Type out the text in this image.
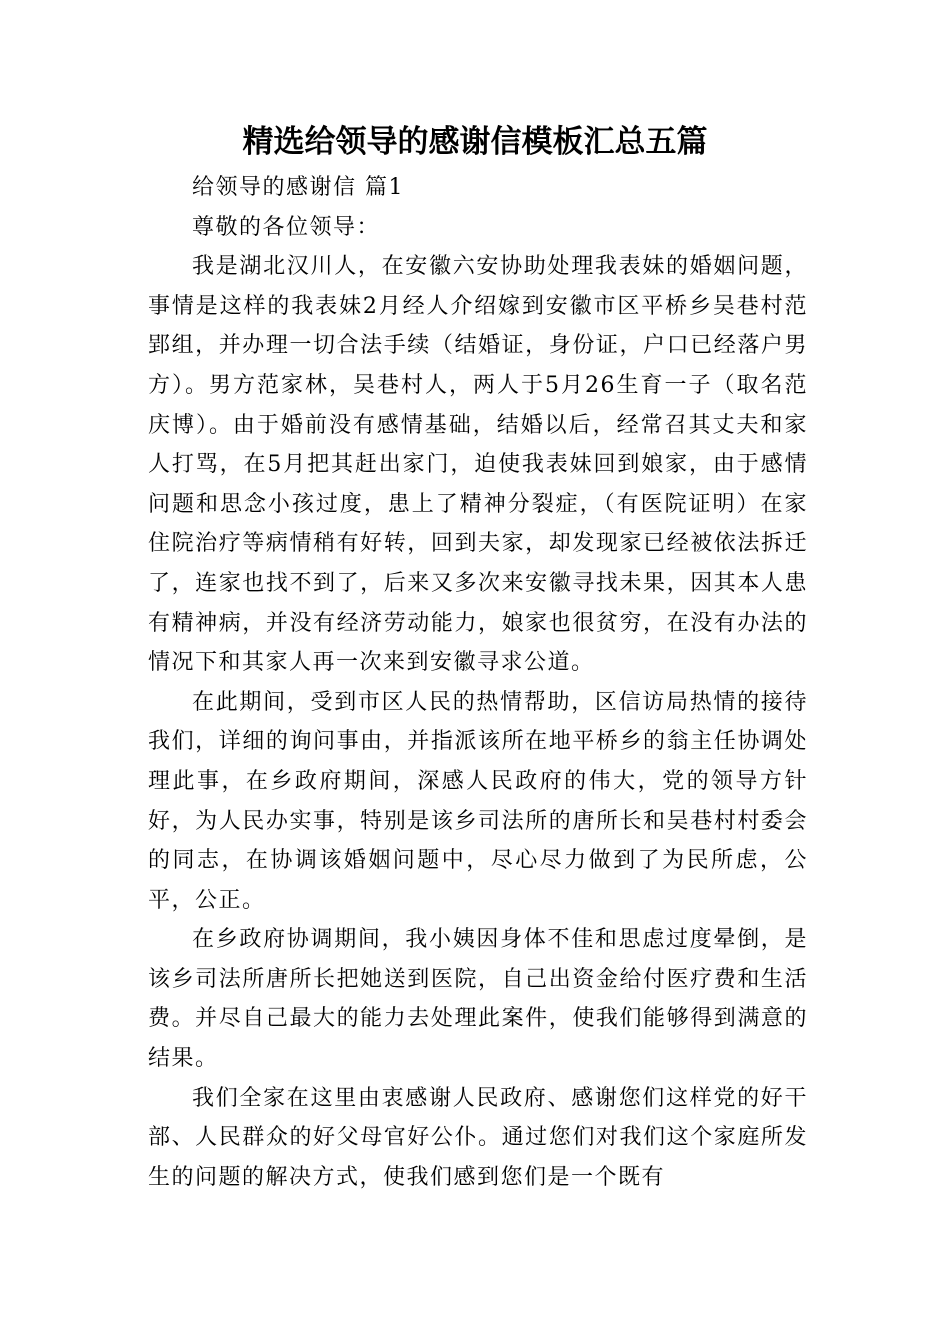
精选给领导的感谢信模板汇总五篇

给领导的感谢信 篇1

尊敬的各位领导：

我是湖北汉川人，在安徽六安协助处理我表妹的婚姻问题，事情是这样的我表妹2月经人介绍嫁到安徽市区平桥乡吴巷村范郢组，并办理一切合法手续（结婚证，身份证，户口已经落户男方）。男方范家林，吴巷村人，两人于5月26生育一子（取名范庆博）。由于婚前没有感情基础，结婚以后，经常召其丈夫和家人打骂，在5月把其赶出家门，迫使我表妹回到娘家，由于感情问题和思念小孩过度，患上了精神分裂症，（有医院证明）在家住院治疗等病情稍有好转，回到夫家，却发现家已经被依法拆迁了，连家也找不到了，后来又多次来安徽寻找未果，因其本人患有精神病，并没有经济劳动能力，娘家也很贫穷，在没有办法的情况下和其家人再一次来到安徽寻求公道。

在此期间，受到市区人民的热情帮助，区信访局热情的接待我们，详细的询问事由，并指派该所在地平桥乡的翁主任协调处理此事，在乡政府期间，深感人民政府的伟大，党的领导方针好，为人民办实事，特别是该乡司法所的唐所长和吴巷村村委会的同志，在协调该婚姻问题中，尽心尽力做到了为民所虑，公平，公正。

在乡政府协调期间，我小姨因身体不佳和思虑过度晕倒，是该乡司法所唐所长把她送到医院，自己出资金给付医疗费和生活费。并尽自己最大的能力去处理此案件，使我们能够得到满意的结果。

我们全家在这里由衷感谢人民政府、感谢您们这样党的好干部、人民群众的好父母官好公仆。通过您们对我们这个家庭所发生的问题的解决方式，使我们感到您们是一个既有
